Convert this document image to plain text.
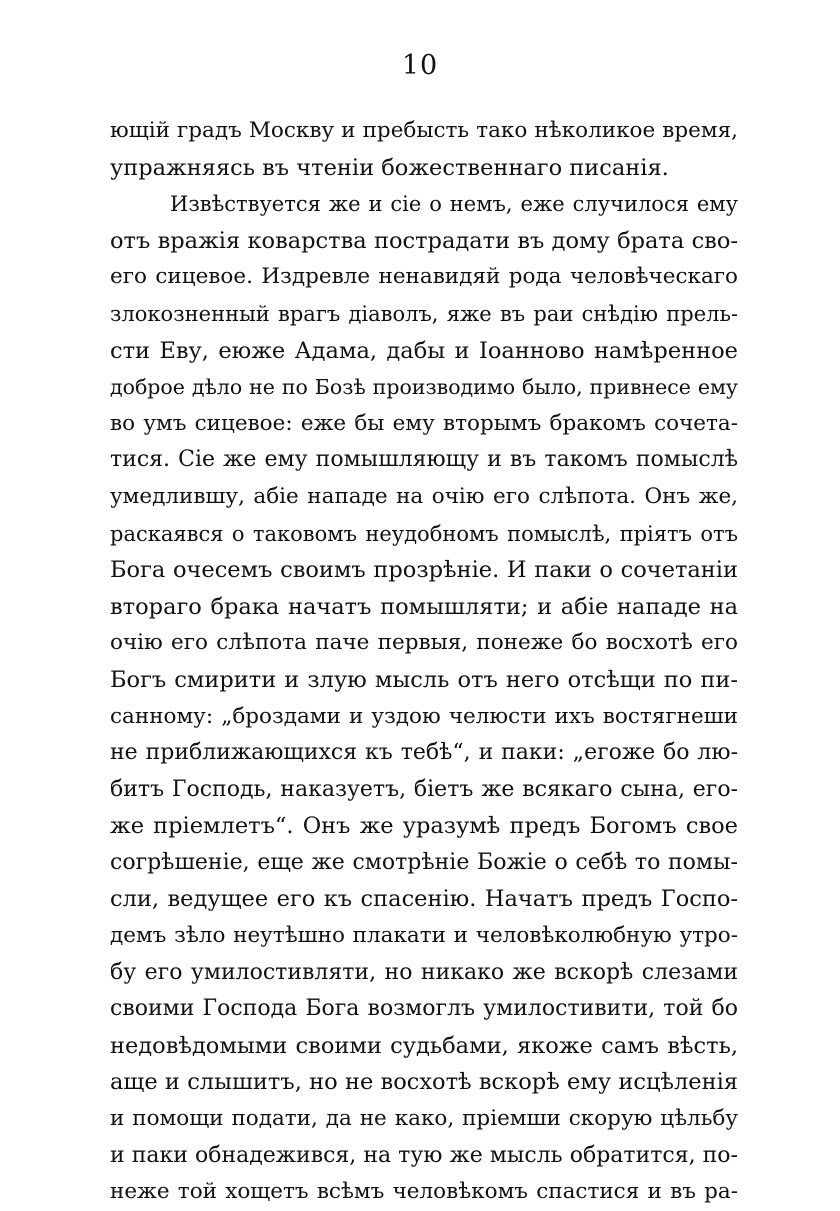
10
ющій градъ Москву и пребысть тако нѣколикое время,
упражняясь въ чтеніи божественнаго писанія.
Извѣствуется же и сіе о немъ, еже случилося ему
отъ вражія коварства пострадати въ дому брата сво-
его сицевое. Издревле ненавидяй рода человѣческаго
злокозненный врагъ діаволъ, яже въ раи снѣдію прель-
сти Еву, еюже Адама, дабы и Іоанново намѣренное
доброе дѣло не по Бозѣ производимо было, привнесе ему
во умъ сицевое: еже бы ему вторымъ бракомъ сочета-
тися. Сіе же ему помышляющу и въ такомъ помыслѣ
умедлившу, абіе нападе на очію его слѣпота. Онъ же,
раскаявся о таковомъ неудобномъ помыслѣ, пріятъ отъ
Бога очесемъ своимъ прозрѣніе. И паки о сочетаніи
втораго брака начатъ помышляти; и абіе нападе на
очію его слѣпота паче первыя, понеже бо восхотѣ его
Богъ смирити и злую мысль отъ него отсѣщи по пи-
санному: „броздами и уздою челюсти ихъ востягнеши
не приближающихся къ тебѣ“, и паки: „егоже бо лю-
битъ Господь, наказуетъ, біетъ же всякаго сына, его-
же пріемлетъ“. Онъ же уразумѣ предъ Богомъ свое
согрѣшеніе, еще же смотрѣніе Божіе о себѣ то помы-
сли, ведущее его къ спасенію. Начатъ предъ Госпо-
демъ зѣло неутѣшно плакати и человѣколюбную утро-
бу его умилостивляти, но никако же вскорѣ слезами
своими Господа Бога возмоглъ умилостивити, той бо
недовѣдомыми своими судьбами, якоже самъ вѣсть,
аще и слышитъ, но не восхотѣ вскорѣ ему исцѣленія
и помощи подати, да не како, пріемши скорую цѣльбу
и паки обнадежився, на тую же мысль обратится, по-
неже той хощетъ всѣмъ человѣкомъ спастися и въ ра-
